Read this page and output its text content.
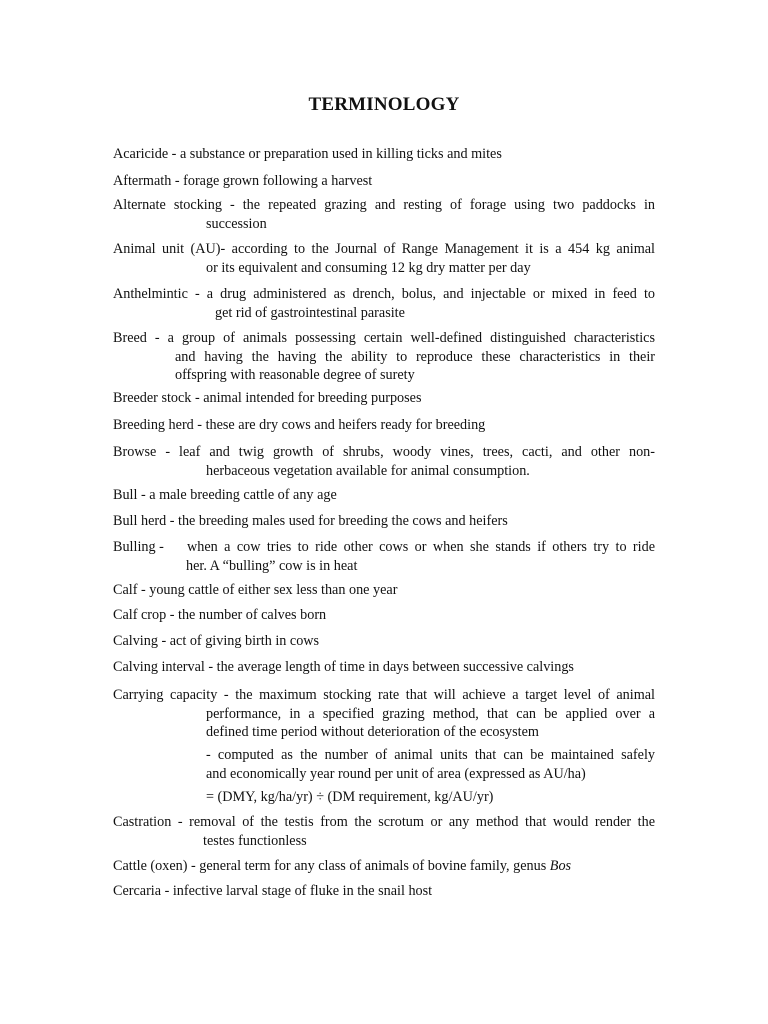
TERMINOLOGY
Acaricide - a substance or preparation used in killing ticks and mites
Aftermath - forage grown following a harvest
Alternate stocking - the repeated grazing and resting of forage using two paddocks in
succession
Animal unit (AU)- according to the Journal of Range Management it is a 454 kg animal
or its equivalent and consuming 12 kg dry matter per day
Anthelmintic - a drug administered as drench, bolus, and injectable or mixed in feed to
get rid of gastrointestinal parasite
Breed - a group of animals possessing certain well-defined distinguished characteristics
and having the having the ability to reproduce these characteristics in their
offspring with reasonable degree of surety
Breeder stock - animal intended for breeding purposes
Breeding herd - these are dry cows and heifers ready for breeding
Browse - leaf and twig growth of shrubs, woody vines, trees, cacti, and other non-
herbaceous vegetation available for animal consumption.
Bull - a male breeding cattle of any age
Bull herd - the breeding males used for breeding the cows and heifers
Bulling -	when a cow tries to ride other cows or when she stands if others try to ride
her. A “bulling” cow is in heat
Calf - young cattle of either sex less than one year
Calf crop - the number of calves born
Calving - act of giving birth in cows
Calving interval - the average length of time in days between successive calvings
Carrying capacity - the maximum stocking rate that will achieve a target level of animal
performance, in a specified grazing method, that can be applied over a
defined time period without deterioration of the ecosystem
- computed as the number of animal units that can be maintained safely
and economically year round per unit of area (expressed as AU/ha)
= (DMY, kg/ha/yr) ÷ (DM requirement, kg/AU/yr)
Castration - removal of the testis from the scrotum or any method that would render the
testes functionless
Cattle (oxen) - general term for any class of animals of bovine family, genus Bos
Cercaria - infective larval stage of fluke in the snail host
